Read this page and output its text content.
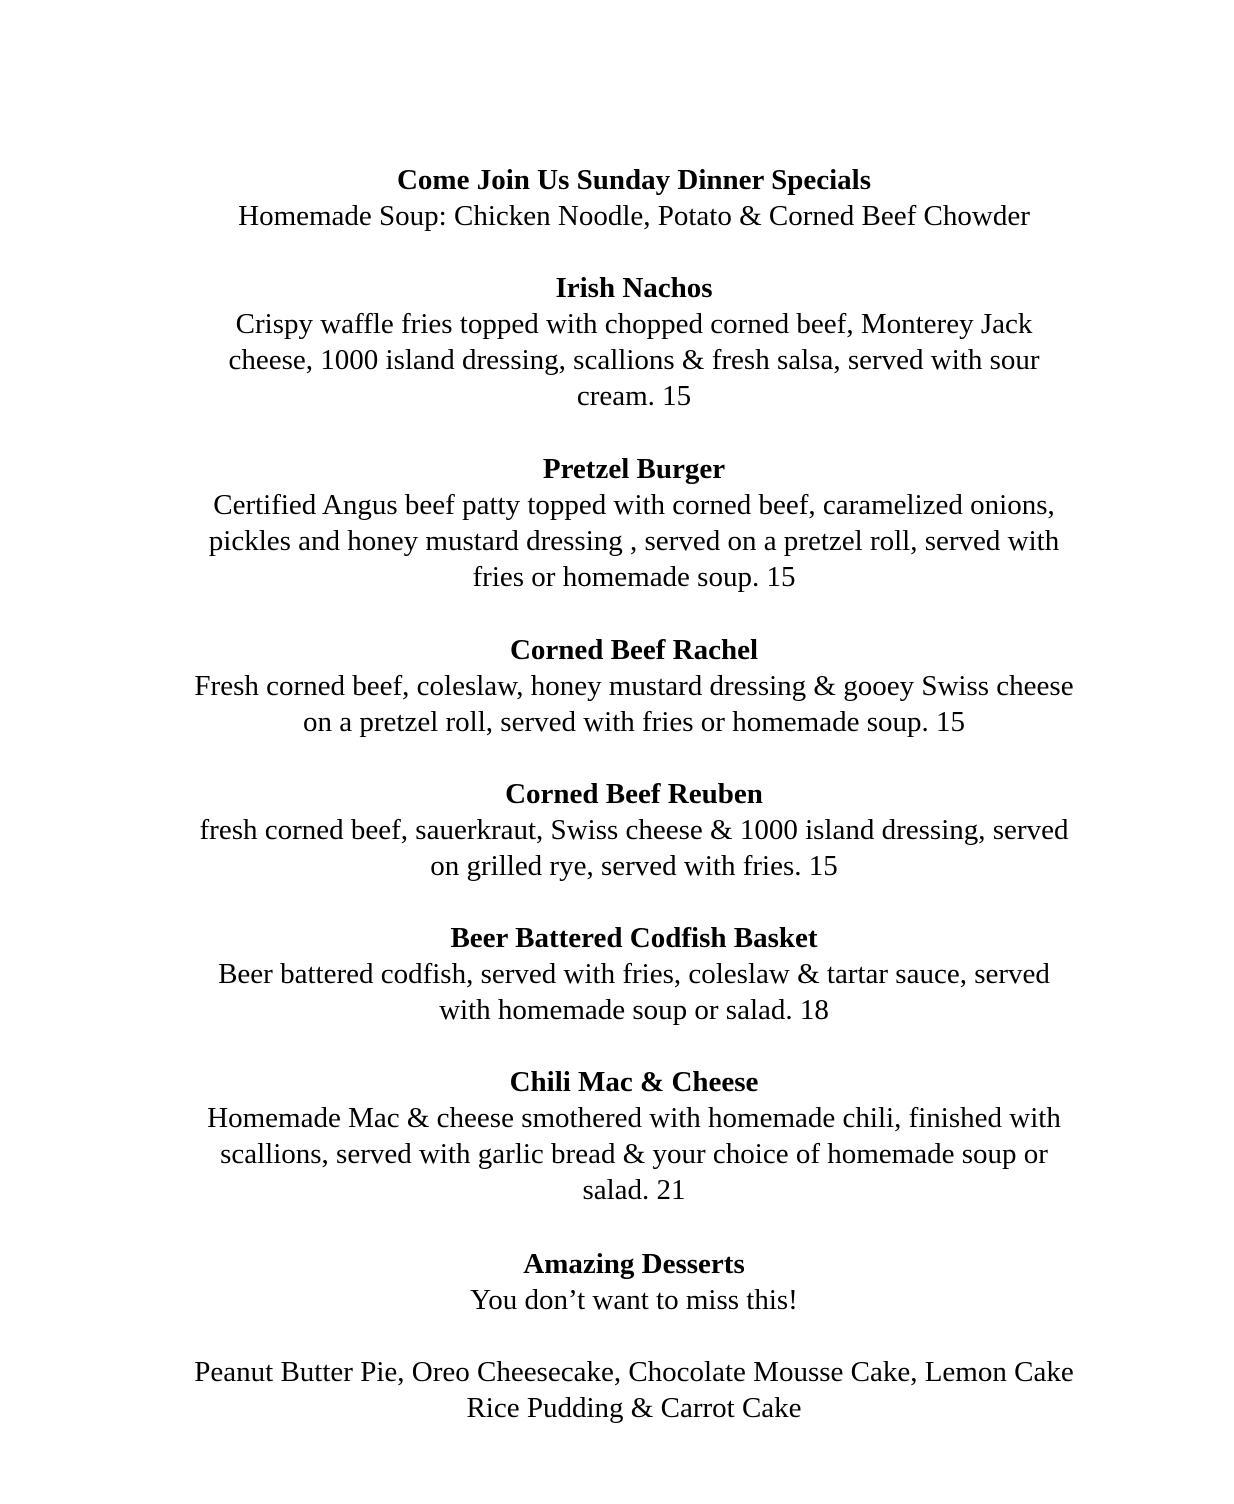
Come Join Us Sunday Dinner Specials
Homemade Soup: Chicken Noodle, Potato & Corned Beef Chowder
Irish Nachos
Crispy waffle fries topped with chopped corned beef, Monterey Jack
cheese, 1000 island dressing, scallions & fresh salsa, served with sour
cream. 15
Pretzel Burger
Certified Angus beef patty topped with corned beef, caramelized onions,
pickles and honey mustard dressing , served on a pretzel roll, served with
fries or homemade soup. 15
Corned Beef Rachel
Fresh corned beef, coleslaw, honey mustard dressing & gooey Swiss cheese
on a pretzel roll, served with fries or homemade soup. 15
Corned Beef Reuben
fresh corned beef, sauerkraut, Swiss cheese & 1000 island dressing, served
on grilled rye, served with fries. 15
Beer Battered Codfish Basket
Beer battered codfish, served with fries, coleslaw & tartar sauce, served
with homemade soup or salad. 18
Chili Mac & Cheese
Homemade Mac & cheese smothered with homemade chili, finished with
scallions, served with garlic bread & your choice of homemade soup or
salad. 21
Amazing Desserts
You don’t want to miss this!
Peanut Butter Pie, Oreo Cheesecake, Chocolate Mousse Cake, Lemon Cake
Rice Pudding & Carrot Cake
